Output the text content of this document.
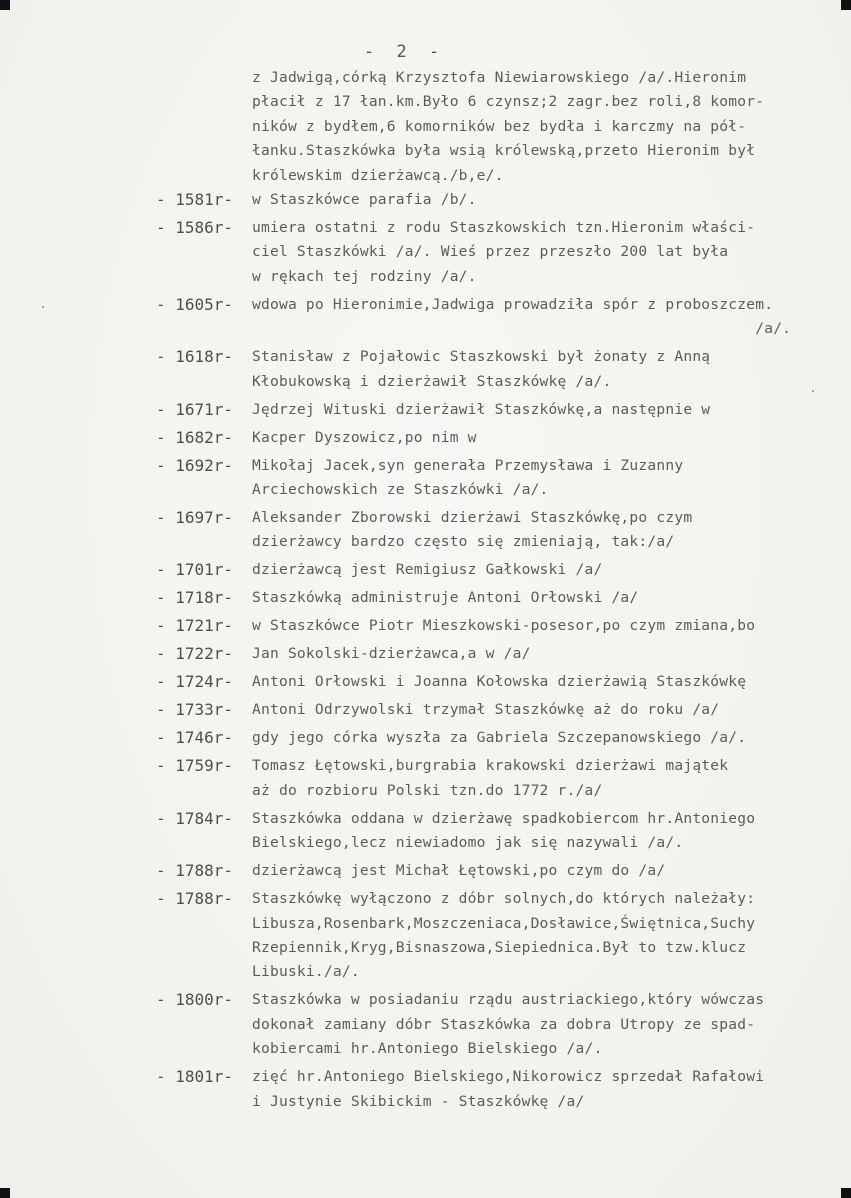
- 2 -
z Jadwigą,córką Krzysztofa Niewiarowskiego /a/.Hieronim
płacił z 17 łan.km.Było 6 czynsz;2 zagr.bez roli,8 komor-
ników z bydłem,6 komorników bez bydła i karczmy na pół-
łanku.Staszkówka była wsią królewską,przeto Hieronim był
królewskim dzierżawcą./b,e/.
- 1581r-	w Staszkówce parafia /b/.
- 1586r-	umiera ostatni z rodu Staszkowskich tzn.Hieronim właści-
ciel Staszkówki /a/. Wieś przez przeszło 200 lat była
w rękach tej rodziny /a/.
- 1605r-	wdowa po Hieronimie,Jadwiga prowadziła spór z proboszczem.
/a/.
- 1618r-	Stanisław z Pojałowic Staszkowski był żonaty z Anną
Kłobukowską i dzierżawił Staszkówkę /a/.
- 1671r-	Jędrzej Wituski dzierżawił Staszkówkę,a następnie w
- 1682r-	Kacper Dyszowicz,po nim w
- 1692r-	Mikołaj Jacek,syn generała Przemysława i Zuzanny
Arciechowskich ze Staszkówki /a/.
- 1697r-	Aleksander Zborowski dzierżawi Staszkówkę,po czym
dzierżawcy bardzo często się zmieniają, tak:/a/
- 1701r-	dzierżawcą jest Remigiusz Gałkowski /a/
- 1718r-	Staszkówką administruje Antoni Orłowski /a/
- 1721r-	w Staszkówce Piotr Mieszkowski-posesor,po czym zmiana,bo
- 1722r-	Jan Sokolski-dzierżawca,a w /a/
- 1724r-	Antoni Orłowski i Joanna Kołowska dzierżawią Staszkówkę
- 1733r-	Antoni Odrzywolski trzymał Staszkówkę aż do roku /a/
- 1746r-	gdy jego córka wyszła za Gabriela Szczepanowskiego /a/.
- 1759r-	Tomasz Łętowski,burgrabia krakowski dzierżawi majątek
aż do rozbioru Polski tzn.do 1772 r./a/
- 1784r-	Staszkówka oddana w dzierżawę spadkobiercom hr.Antoniego
Bielskiego,lecz niewiadomo jak się nazywali /a/.
- 1788r-	dzierżawcą jest Michał Łętowski,po czym do /a/
- 1788r-	Staszkówkę wyłączono z dóbr solnych,do których należały:
Libusza,Rosenbark,Moszczeniaca,Dosławice,Świętnica,Suchy
Rzepiennik,Kryg,Bisnaszowa,Siepiednica.Był to tzw.klucz
Libuski./a/.
- 1800r-	Staszkówka w posiadaniu rządu austriackiego,który wówczas
dokonał zamiany dóbr Staszkówka za dobra Utropy ze spad-
kobiercami hr.Antoniego Bielskiego /a/.
- 1801r-	zięć hr.Antoniego Bielskiego,Nikorowicz sprzedał Rafałowi
i Justynie Skibickim - Staszkówkę /a/
